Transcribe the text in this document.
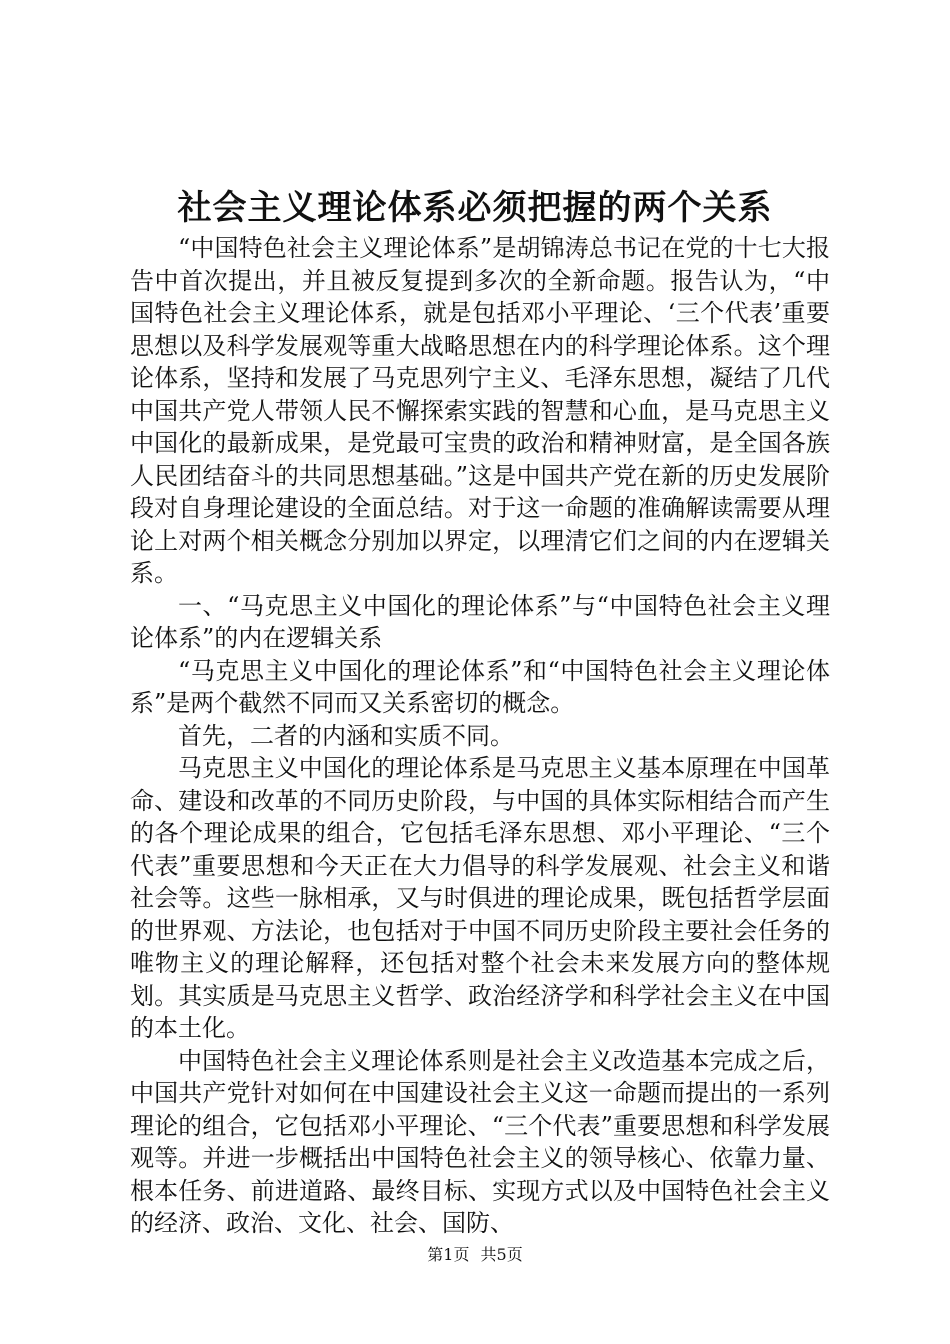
社会主义理论体系必须把握的两个关系

“中国特色社会主义理论体系”是胡锦涛总书记在党的十七大报告中首次提出，并且被反复提到多次的全新命题。报告认为，“中国特色社会主义理论体系，就是包括邓小平理论、‘三个代表’重要思想以及科学发展观等重大战略思想在内的科学理论体系。这个理论体系，坚持和发展了马克思列宁主义、毛泽东思想，凝结了几代中国共产党人带领人民不懈探索实践的智慧和心血，是马克思主义中国化的最新成果，是党最可宝贵的政治和精神财富，是全国各族人民团结奋斗的共同思想基础。”这是中国共产党在新的历史发展阶段对自身理论建设的全面总结。对于这一命题的准确解读需要从理论上对两个相关概念分别加以界定，以理清它们之间的内在逻辑关系。

一、“马克思主义中国化的理论体系”与“中国特色社会主义理论体系”的内在逻辑关系

“马克思主义中国化的理论体系”和“中国特色社会主义理论体系”是两个截然不同而又关系密切的概念。

首先，二者的内涵和实质不同。

马克思主义中国化的理论体系是马克思主义基本原理在中国革命、建设和改革的不同历史阶段，与中国的具体实际相结合而产生的各个理论成果的组合，它包括毛泽东思想、邓小平理论、“三个代表”重要思想和今天正在大力倡导的科学发展观、社会主义和谐社会等。这些一脉相承，又与时俱进的理论成果，既包括哲学层面的世界观、方法论，也包括对于中国不同历史阶段主要社会任务的唯物主义的理论解释，还包括对整个社会未来发展方向的整体规划。其实质是马克思主义哲学、政治经济学和科学社会主义在中国的本土化。

中国特色社会主义理论体系则是社会主义改造基本完成之后，中国共产党针对如何在中国建设社会主义这一命题而提出的一系列理论的组合，它包括邓小平理论、“三个代表”重要思想和科学发展观等。并进一步概括出中国特色社会主义的领导核心、依靠力量、根本任务、前进道路、最终目标、实现方式以及中国特色社会主义的经济、政治、文化、社会、国防、

第1页 共5页
